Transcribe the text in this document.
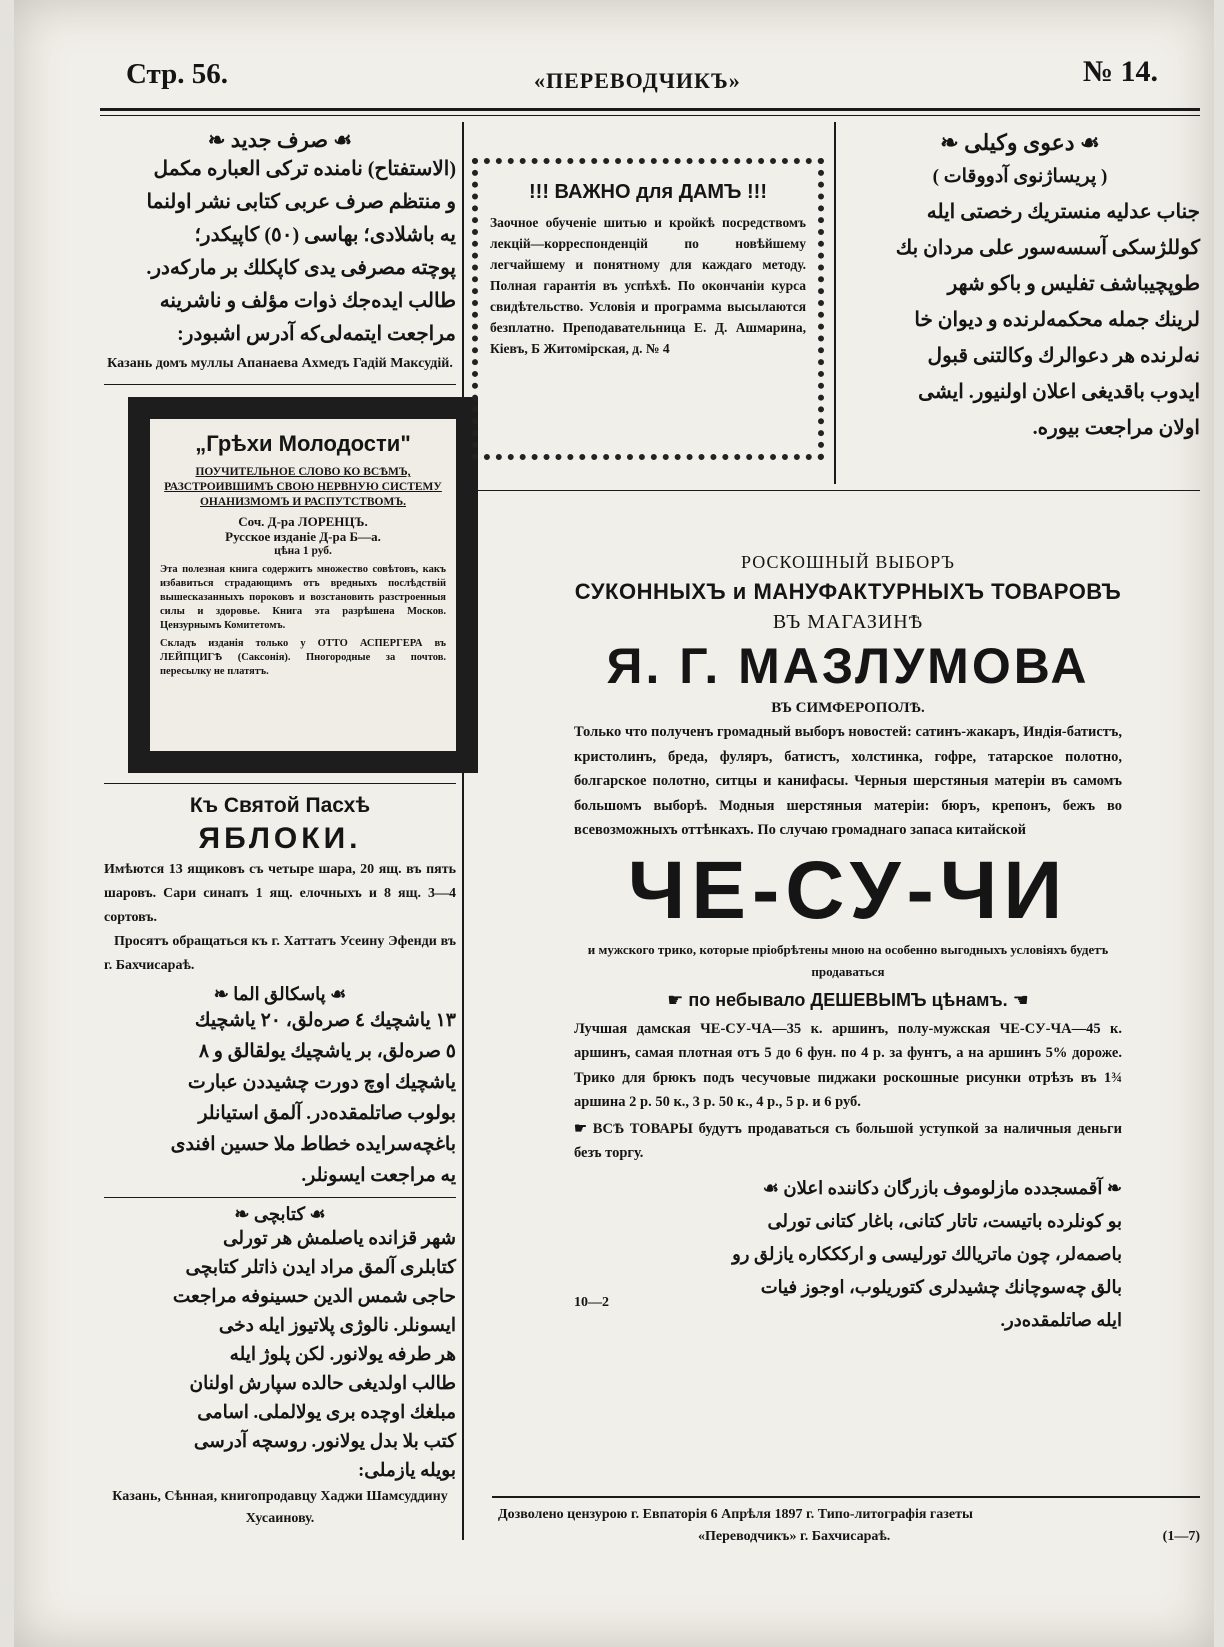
Стр. 56.	«ПЕРЕВОДЧИКЪ»	№ 14.
❧ صرف جديد ☙
(الاستفتاح) نامنده تركی العباره مكمل
و منتظم صرف عربی كتابی نشر اولنما
يه باشلادی؛ بهاسی (٥٠) كاپيكدر؛
پوچته مصرفی يدی كاپكلك بر ماركه‌در.
طالب ايده‌جك ذوات مؤلف و ناشرينه
مراجعت ايتمه‌لی‌كه آدرس اشبودر:
Казань домъ муллы Апанаева Ахмедъ Гадій Максудій.
„Грѣхи Молодости"
ПОУЧИТЕЛЬНОЕ СЛОВО КО ВСѢМЪ, РАЗСТРОИВШИМЪ СВОЮ НЕРВНУЮ СИСТЕМУ ОНАНИЗМОМЪ И РАСПУТСТВОМЪ.
Соч. Д-ра ЛОРЕНЦЪ.
Русское изданіе Д-ра Б—а.
цѣна 1 руб.
Эта полезная книга содержитъ множество совѣтовъ, какъ избавиться страдающимъ отъ вредныхъ послѣдствій вышесказанныхъ пороковъ и возстановить разстроенныя силы и здоровье. Книга эта разрѣшена Москов. Цензурнымъ Комитетомъ.
Складъ изданія только у ОТТО АСПЕРГЕРА въ ЛЕЙПЦИГѢ (Саксонія). Пногородные за почтов. пересылку не платятъ.
Къ Святой Пасхѣ
ЯБЛОКИ.
Имѣются 13 ящиковъ съ четыре шара, 20 ящ. въ пять шаровъ. Сари синапъ 1 ящ. елочныхъ и 8 ящ. 3—4 сортовъ.
Просятъ обращаться къ г. Хаттатъ Усеину Эфенди въ г. Бахчисараѣ.
❧ پاسكالق الما ☙
١٣ ياشچيك ٤ صره‌لق، ٢٠ ياشچيك
٥ صره‌لق، بر ياشچيك يولقالق و ٨
ياشچيك اوچ دورت چشيددن عبارت
بولوب صاتلمقده‌در. آلمق استيانلر
باغچه‌سرايده خطاط ملا حسين افندی
يه مراجعت ايسونلر.
❧ كتابچی ☙
شهر قزانده ياصلمش هر تورلی
كتابلری آلمق مراد ايدن ذاتلر كتابچی
حاجی شمس الدين حسينوفه مراجعت
ايسونلر. نالوژی پلاتيوز ايله دخی
هر طرفه يولانور. لكن پلوژ ايله
طالب اولديغی حالده سپارش اولنان
مبلغك اوچده بری يولالملی. اسامی
كتب بلا بدل يولانور. روسچه آدرسی
بويله يازملی:
Казань, Сѣнная, книгопродавцу Хаджи Шамсуддину Хусаинову.
!!! ВАЖНО для ДАМЪ !!!
Заочное обученіе шитью и кройкѣ посредствомъ лекцій—корреспонденцій по новѣйшему легчайшему и понятному для каждаго методу. Полная гарантія въ успѣхѣ. По окончаніи курса свидѣтельство. Условія и программа высылаются безплатно. Преподавательница Е. Д. Ашмарина, Кіевъ, Б Житомірская, д. № 4
❧ دعوی وكيلی ☙
( پريساژنوی آدووقات )
جناب عدليه منستريك رخصتی ايله
كوللژسكی آسسه‌سور علی مردان بك
طوپچيباشف تفليس و باكو شهر
لرينك جمله محكمه‌لرنده و ديوان خا
نه‌لرنده هر دعوالرك وكالتنی قبول
ايدوب باقديغی اعلان اولنيور. ايشی
اولان مراجعت بيوره.
РОСКОШНЫЙ ВЫБОРЪ
СУКОННЫХЪ и МАНУФАКТУРНЫХЪ ТОВАРОВЪ
ВЪ МАГАЗИНѢ
Я. Г. МАЗЛУМОВА
ВЪ СИМФЕРОПОЛѢ.
Только что полученъ громадный выборъ новостей: сатинъ-жакаръ, Индія-батистъ, кристолинъ, бреда, фуляръ, батистъ, холстинка, гофре, татарское полотно, болгарское полотно, ситцы и канифасы. Черныя шерстяныя матеріи въ самомъ большомъ выборѣ. Модныя шерстяныя матеріи: бюръ, крепонъ, бежъ во всевозможныхъ оттѣнкахъ. По случаю громаднаго запаса китайской
ЧЕ-СУ-ЧИ
и мужского трико, которые пріобрѣтены мною на особенно выгодныхъ условіяхъ будетъ продаваться
☛ по небывало ДЕШЕВЫМЪ цѣнамъ. ☚
Лучшая дамская ЧЕ-СУ-ЧА—35 к. аршинъ, полу-мужская ЧЕ-СУ-ЧА—45 к. аршинъ, самая плотная отъ 5 до 6 фун. по 4 р. за фунтъ, а на аршинъ 5% дороже. Трико для брюкъ подъ чесучовые пиджаки роскошные рисунки отрѣзъ въ 1¾ аршина 2 р. 50 к., 3 р. 50 к., 4 р., 5 р. и 6 руб.
☛ ВСѢ ТОВАРЫ будутъ продаваться съ большой уступкой за наличныя деньги безъ торгу.
❧ آقمسجدده مازلوموف بازرگان دكاننده اعلان ☙
بو كونلرده باتيست، تاتار كتانی، باغار كتانی تورلی
باصمه‌لر، چون ماتريالك تورليسی و اركككاره يازلق رو
بالق چه‌سوچانك چشيدلری كتوريلوب، اوجوز فيات
ايله صاتلمقده‌در.
10—2
Дозволено цензурою г. Евпаторія 6 Апрѣля 1897 г. Типо-литографія газеты
«Переводчикъ» г. Бахчисараѣ.	(1—7)
